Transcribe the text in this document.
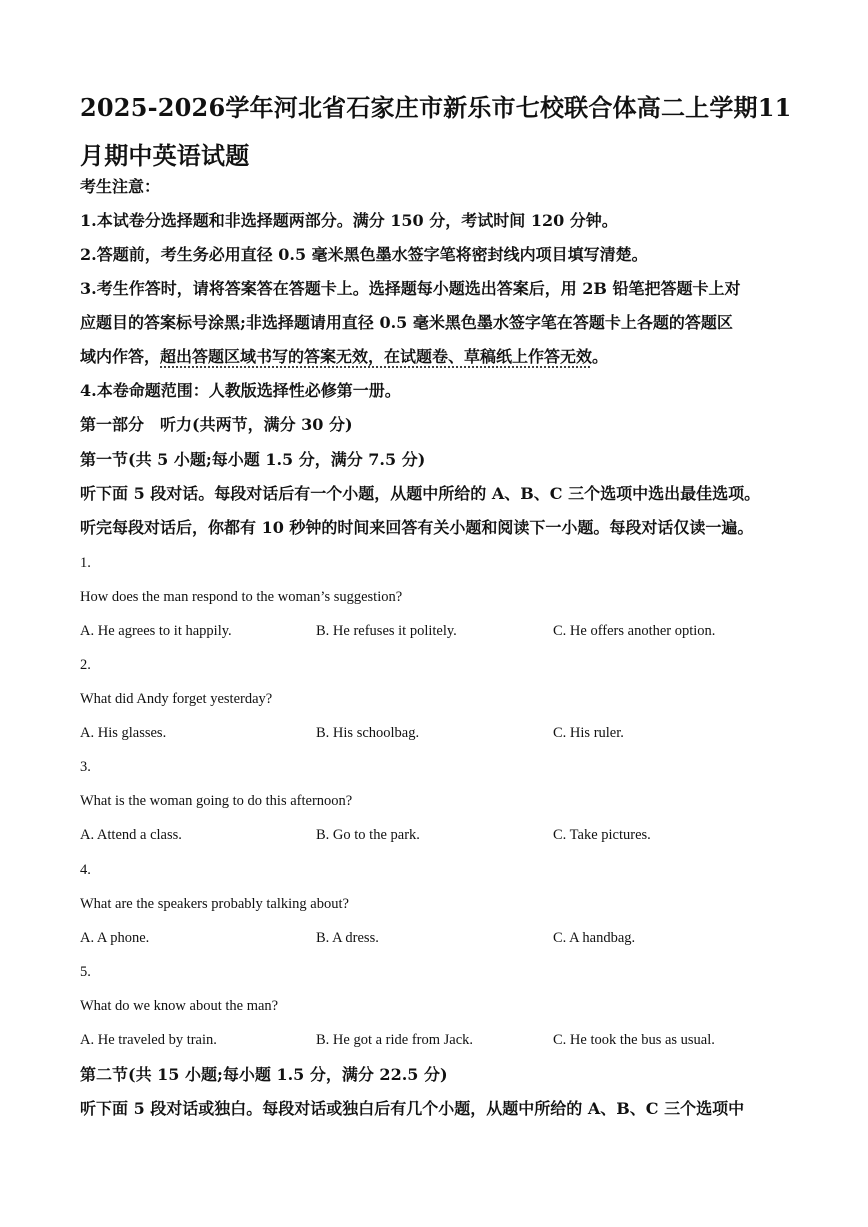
2025-2026学年河北省石家庄市新乐市七校联合体高二上学期11月期中英语试题
考生注意：
1.本试卷分选择题和非选择题两部分。满分 150 分，考试时间 120 分钟。
2.答题前，考生务必用直径 0.5 毫米黑色墨水签字笔将密封线内项目填写清楚。
3.考生作答时，请将答案答在答题卡上。选择题每小题选出答案后，用 2B 铅笔把答题卡上对
应题目的答案标号涂黑;非选择题请用直径 0.5 毫米黑色墨水签字笔在答题卡上各题的答题区
域内作答，超出答题区域书写的答案无效，在试题卷、草稿纸上作答无效。
4.本卷命题范围：人教版选择性必修第一册。
第一部分　听力(共两节，满分 30 分)
第一节(共 5 小题;每小题 1.5 分，满分 7.5 分)
听下面 5 段对话。每段对话后有一个小题，从题中所给的 A、B、C 三个选项中选出最佳选项。
听完每段对话后，你都有 10 秒钟的时间来回答有关小题和阅读下一小题。每段对话仅读一遍。
1.
How does the man respond to the woman’s suggestion?
A. He agrees to it happily.	B. He refuses it politely.	C. He offers another option.
2.
What did Andy forget yesterday?
A. His glasses.	B. His schoolbag.	C. His ruler.
3.
What is the woman going to do this afternoon?
A. Attend a class.	B. Go to the park.	C. Take pictures.
4.
What are the speakers probably talking about?
A. A phone.	B. A dress.	C. A handbag.
5.
What do we know about the man?
A. He traveled by train.	B. He got a ride from Jack.	C. He took the bus as usual.
第二节(共 15 小题;每小题 1.5 分，满分 22.5 分)
听下面 5 段对话或独白。每段对话或独白后有几个小题，从题中所给的 A、B、C 三个选项中
